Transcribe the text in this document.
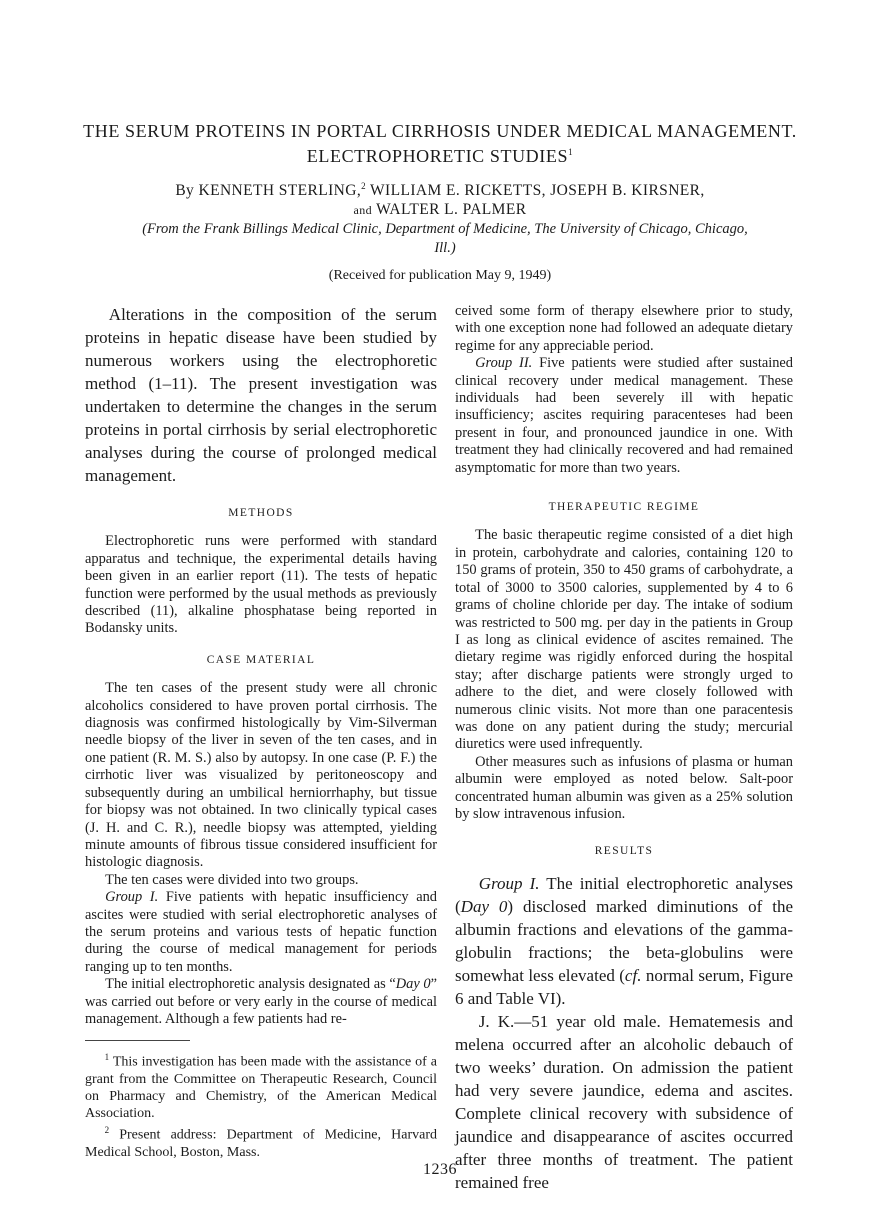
THE SERUM PROTEINS IN PORTAL CIRRHOSIS UNDER MEDICAL MANAGEMENT. ELECTROPHORETIC STUDIES$^1$
By KENNETH STERLING,$^2$ WILLIAM E. RICKETTS, JOSEPH B. KIRSNER,
and WALTER L. PALMER
(From the Frank Billings Medical Clinic, Department of Medicine, The University of Chicago, Chicago, Ill.)
(Received for publication May 9, 1949)

Alterations in the composition of the serum proteins in hepatic disease have been studied by numerous workers using the electrophoretic method (1–11). The present investigation was undertaken to determine the changes in the serum proteins in portal cirrhosis by serial electrophoretic analyses during the course of prolonged medical management.

METHODS

Electrophoretic runs were performed with standard apparatus and technique, the experimental details having been given in an earlier report (11). The tests of hepatic function were performed by the usual methods as previously described (11), alkaline phosphatase being reported in Bodansky units.

CASE MATERIAL

The ten cases of the present study were all chronic alcoholics considered to have proven portal cirrhosis. The diagnosis was confirmed histologically by Vim-Silverman needle biopsy of the liver in seven of the ten cases, and in one patient (R. M. S.) also by autopsy. In one case (P. F.) the cirrhotic liver was visualized by peritoneoscopy and subsequently during an umbilical herniorrhaphy, but tissue for biopsy was not obtained. In two clinically typical cases (J. H. and C. R.), needle biopsy was attempted, yielding minute amounts of fibrous tissue considered insufficient for histologic diagnosis.

The ten cases were divided into two groups.

Group I. Five patients with hepatic insufficiency and ascites were studied with serial electrophoretic analyses of the serum proteins and various tests of hepatic function during the course of medical management for periods ranging up to ten months.

The initial electrophoretic analysis designated as “Day 0” was carried out before or very early in the course of medical management. Although a few patients had re-

$^1$ This investigation has been made with the assistance of a grant from the Committee on Therapeutic Research, Council on Pharmacy and Chemistry, of the American Medical Association.

$^2$ Present address: Department of Medicine, Harvard Medical School, Boston, Mass.

ceived some form of therapy elsewhere prior to study, with one exception none had followed an adequate dietary regime for any appreciable period.

Group II. Five patients were studied after sustained clinical recovery under medical management. These individuals had been severely ill with hepatic insufficiency; ascites requiring paracenteses had been present in four, and pronounced jaundice in one. With treatment they had clinically recovered and had remained asymptomatic for more than two years.

THERAPEUTIC REGIME

The basic therapeutic regime consisted of a diet high in protein, carbohydrate and calories, containing 120 to 150 grams of protein, 350 to 450 grams of carbohydrate, a total of 3000 to 3500 calories, supplemented by 4 to 6 grams of choline chloride per day. The intake of sodium was restricted to 500 mg. per day in the patients in Group I as long as clinical evidence of ascites remained. The dietary regime was rigidly enforced during the hospital stay; after discharge patients were strongly urged to adhere to the diet, and were closely followed with numerous clinic visits. Not more than one paracentesis was done on any patient during the study; mercurial diuretics were used infrequently.

Other measures such as infusions of plasma or human albumin were employed as noted below. Salt-poor concentrated human albumin was given as a 25% solution by slow intravenous infusion.

RESULTS

Group I. The initial electrophoretic analyses (Day 0) disclosed marked diminutions of the albumin fractions and elevations of the gamma-globulin fractions; the beta-globulins were somewhat less elevated (cf. normal serum, Figure 6 and Table VI).

J. K.—51 year old male. Hematemesis and melena occurred after an alcoholic debauch of two weeks’ duration. On admission the patient had very severe jaundice, edema and ascites. Complete clinical recovery with subsidence of jaundice and disappearance of ascites occurred after three months of treatment. The patient remained free

1236
